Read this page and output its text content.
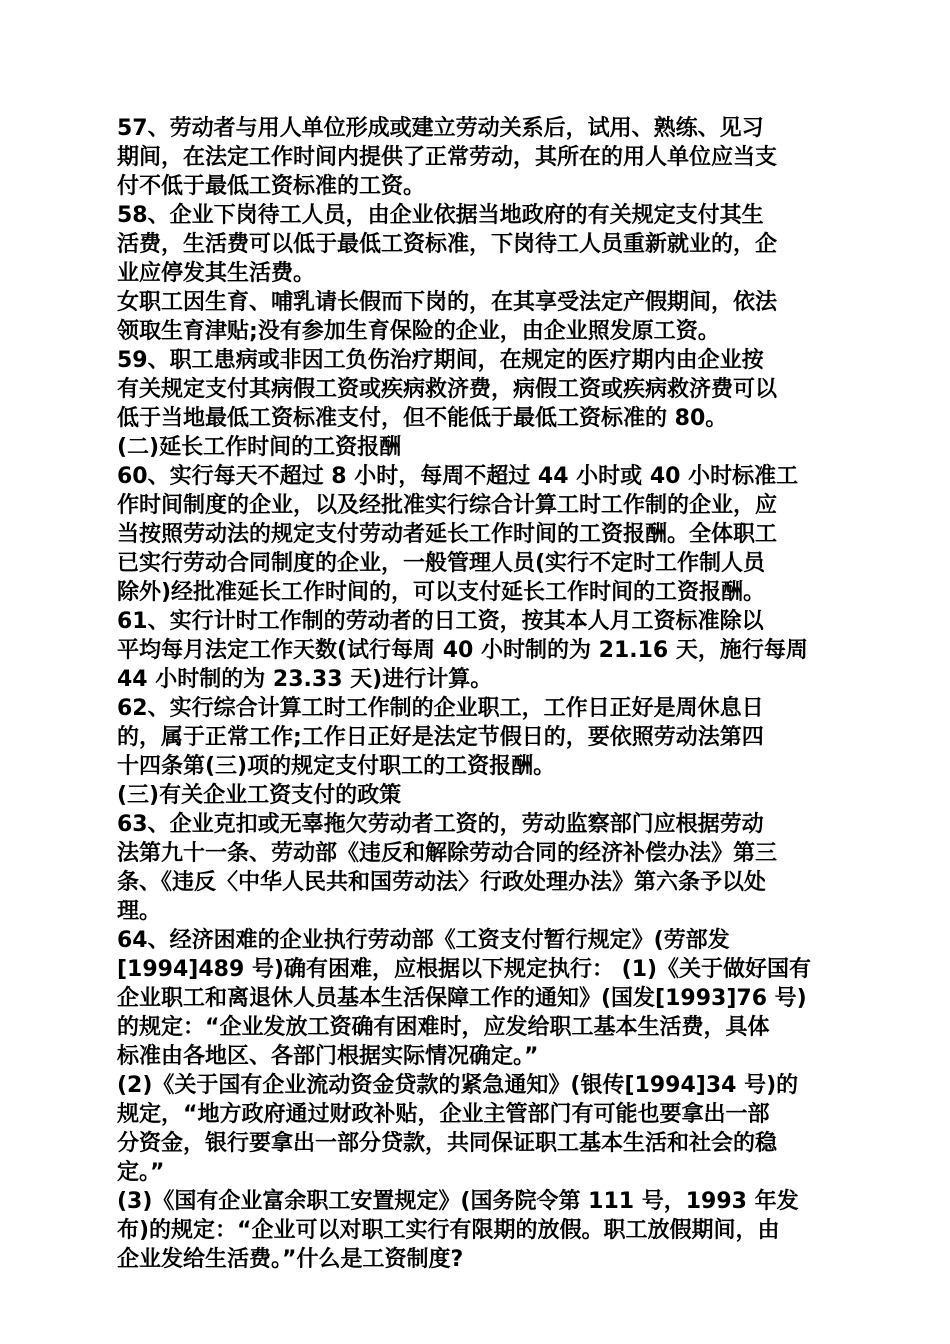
57、劳动者与用人单位形成或建立劳动关系后，试用、熟练、见习
期间，在法定工作时间内提供了正常劳动，其所在的用人单位应当支
付不低于最低工资标准的工资。
58、企业下岗待工人员，由企业依据当地政府的有关规定支付其生
活费，生活费可以低于最低工资标准，下岗待工人员重新就业的，企
业应停发其生活费。
女职工因生育、哺乳请长假而下岗的，在其享受法定产假期间，依法
领取生育津贴;没有参加生育保险的企业，由企业照发原工资。
59、职工患病或非因工负伤治疗期间，在规定的医疗期内由企业按
有关规定支付其病假工资或疾病救济费，病假工资或疾病救济费可以
低于当地最低工资标准支付，但不能低于最低工资标准的 80。
(二)延长工作时间的工资报酬
60、实行每天不超过 8 小时，每周不超过 44 小时或 40 小时标准工
作时间制度的企业，以及经批准实行综合计算工时工作制的企业，应
当按照劳动法的规定支付劳动者延长工作时间的工资报酬。全体职工
已实行劳动合同制度的企业，一般管理人员(实行不定时工作制人员
除外)经批准延长工作时间的，可以支付延长工作时间的工资报酬。
61、实行计时工作制的劳动者的日工资，按其本人月工资标准除以
平均每月法定工作天数(试行每周 40 小时制的为 21.16 天，施行每周
44 小时制的为 23.33 天)进行计算。
62、实行综合计算工时工作制的企业职工，工作日正好是周休息日
的，属于正常工作;工作日正好是法定节假日的，要依照劳动法第四
十四条第(三)项的规定支付职工的工资报酬。
(三)有关企业工资支付的政策
63、企业克扣或无辜拖欠劳动者工资的，劳动监察部门应根据劳动
法第九十一条、劳动部《违反和解除劳动合同的经济补偿办法》第三
条、《违反〈中华人民共和国劳动法〉行政处理办法》第六条予以处
理。
64、经济困难的企业执行劳动部《工资支付暂行规定》(劳部发
[1994]489 号)确有困难，应根据以下规定执行： (1)《关于做好国有
企业职工和离退休人员基本生活保障工作的通知》(国发[1993]76 号)
的规定：“企业发放工资确有困难时，应发给职工基本生活费，具体
标准由各地区、各部门根据实际情况确定。”
(2)《关于国有企业流动资金贷款的紧急通知》(银传[1994]34 号)的
规定，“地方政府通过财政补贴，企业主管部门有可能也要拿出一部
分资金，银行要拿出一部分贷款，共同保证职工基本生活和社会的稳
定。”
(3)《国有企业富余职工安置规定》(国务院令第 111 号，1993 年发
布)的规定：“企业可以对职工实行有限期的放假。职工放假期间，由
企业发给生活费。”什么是工资制度?
